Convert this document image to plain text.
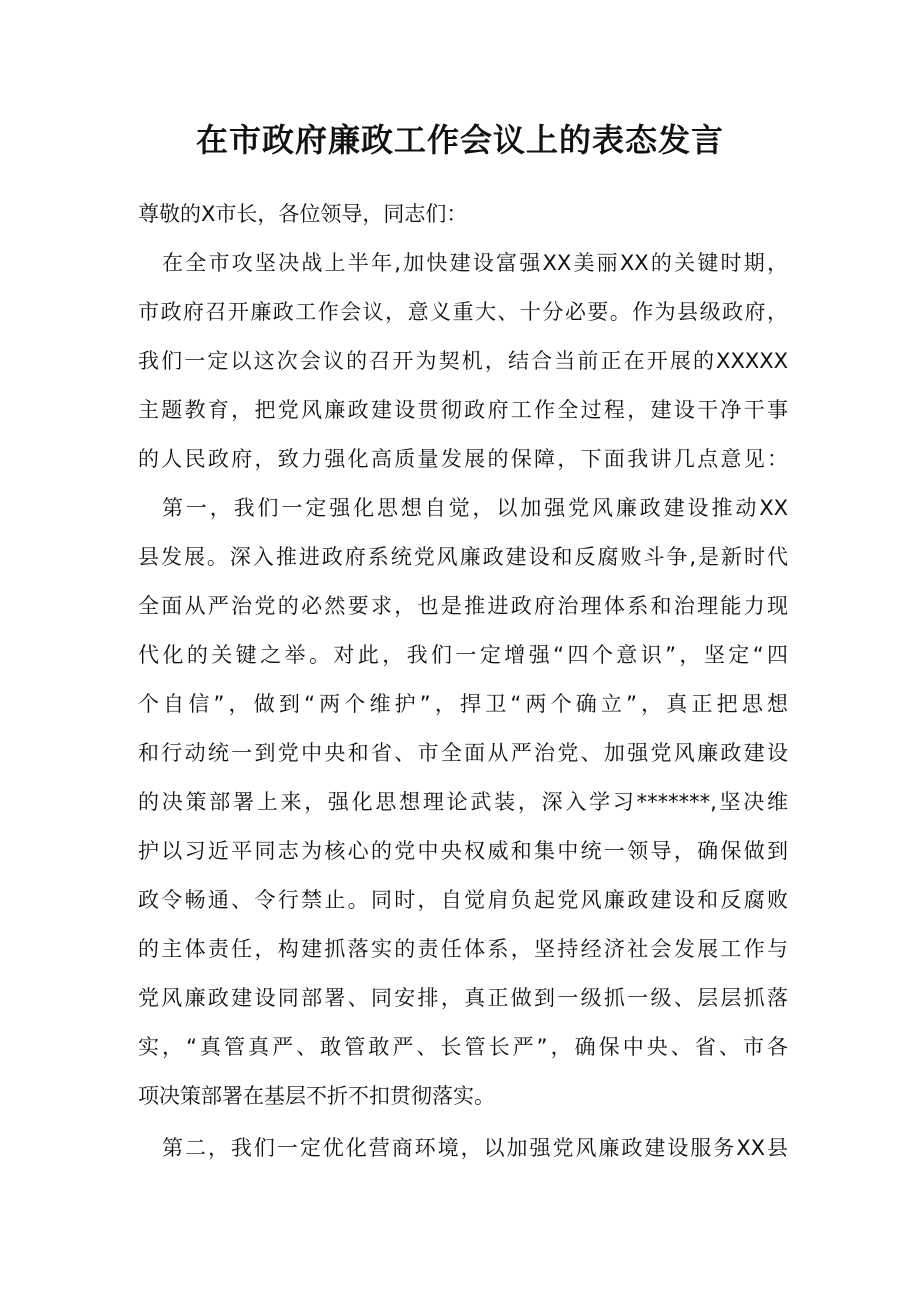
在市政府廉政工作会议上的表态发言
尊敬的X市长，各位领导，同志们：
在全市攻坚决战上半年,加快建设富强XX美丽XX的关键时期，
市政府召开廉政工作会议，意义重大、十分必要。作为县级政府，
我们一定以这次会议的召开为契机，结合当前正在开展的XXXXX
主题教育，把党风廉政建设贯彻政府工作全过程，建设干净干事
的人民政府，致力强化高质量发展的保障，下面我讲几点意见：
第一，我们一定强化思想自觉，以加强党风廉政建设推动XX
县发展。深入推进政府系统党风廉政建设和反腐败斗争,是新时代
全面从严治党的必然要求，也是推进政府治理体系和治理能力现
代化的关键之举。对此，我们一定增强“四个意识”，坚定“四
个自信”，做到“两个维护”，捍卫“两个确立”，真正把思想
和行动统一到党中央和省、市全面从严治党、加强党风廉政建设
的决策部署上来，强化思想理论武装，深入学习*******,坚决维
护以习近平同志为核心的党中央权威和集中统一领导，确保做到
政令畅通、令行禁止。同时，自觉肩负起党风廉政建设和反腐败
的主体责任，构建抓落实的责任体系，坚持经济社会发展工作与
党风廉政建设同部署、同安排，真正做到一级抓一级、层层抓落
实，“真管真严、敢管敢严、长管长严”，确保中央、省、市各
项决策部署在基层不折不扣贯彻落实。
第二，我们一定优化营商环境，以加强党风廉政建设服务XX县
